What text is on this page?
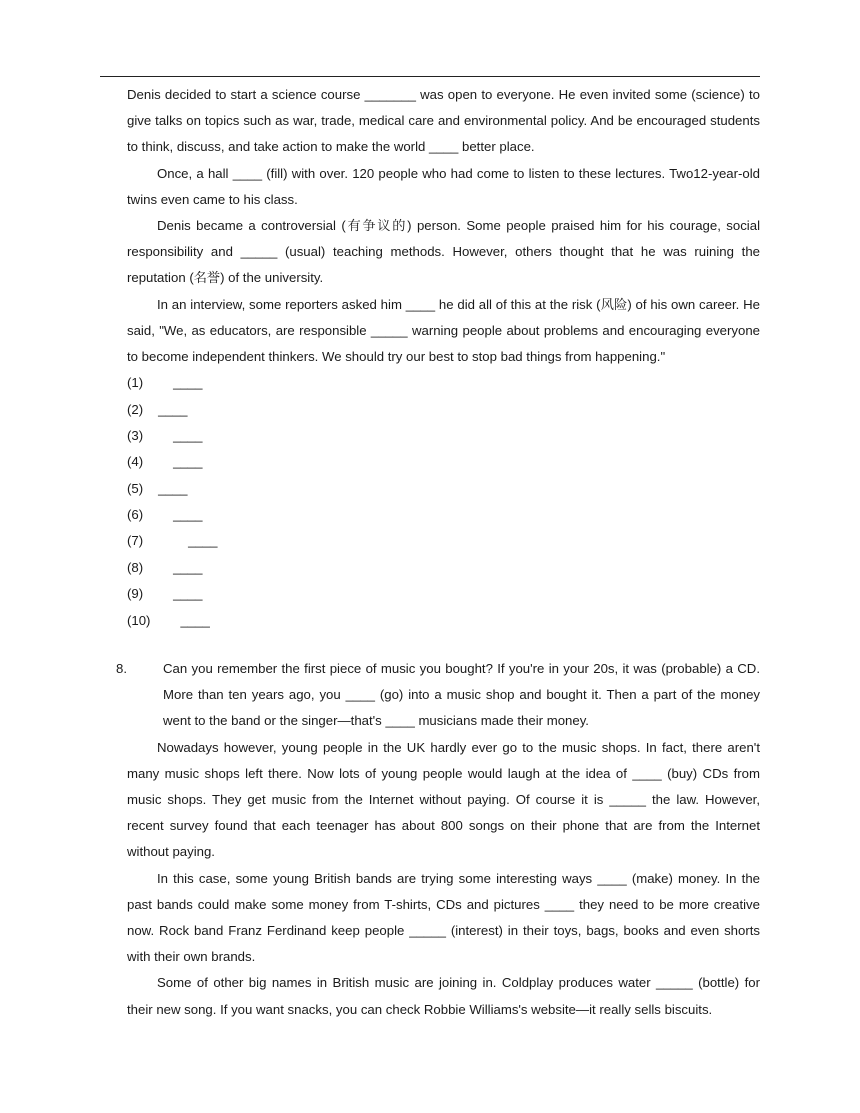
Denis decided to start a science course _______ was open to everyone. He even invited some (science) to give talks on topics such as war, trade, medical care and environmental policy. And be encouraged students to think, discuss, and take action to make the world ____ better place.

Once, a hall ____ (fill) with over. 120 people who had come to listen to these lectures. Two12-year-old twins even came to his class.

Denis became a controversial (有争议的) person. Some people praised him for his courage, social responsibility and _____ (usual) teaching methods. However, others thought that he was ruining the reputation (名誉) of the university.

In an interview, some reporters asked him ____ he did all of this at the risk (风险) of his own career. He said, "We, as educators, are responsible _____ warning people about problems and encouraging everyone to become independent thinkers. We should try our best to stop bad things from happening."

(1) ____
(2) ____
(3) ____
(4) ____
(5) ____
(6) ____
(7)	____
(8) ____
(9) ____
(10) ____
8.	Can you remember the first piece of music you bought? If you're in your 20s, it was (probable) a CD. More than ten years ago, you ____ (go) into a music shop and bought it. Then a part of the money went to the band or the singer—that's ____ musicians made their money.

Nowadays however, young people in the UK hardly ever go to the music shops. In fact, there aren't many music shops left there. Now lots of young people would laugh at the idea of ____ (buy) CDs from music shops. They get music from the Internet without paying. Of course it is _____ the law. However, recent survey found that each teenager has about 800 songs on their phone that are from the Internet without paying.

In this case, some young British bands are trying some interesting ways ____ (make) money. In the past bands could make some money from T-shirts, CDs and pictures ____ they need to be more creative now. Rock band Franz Ferdinand keep people _____ (interest) in their toys, bags, books and even shorts with their own brands.

Some of other big names in British music are joining in. Coldplay produces water _____ (bottle) for their new song. If you want snacks, you can check Robbie Williams's website—it really sells biscuits.
